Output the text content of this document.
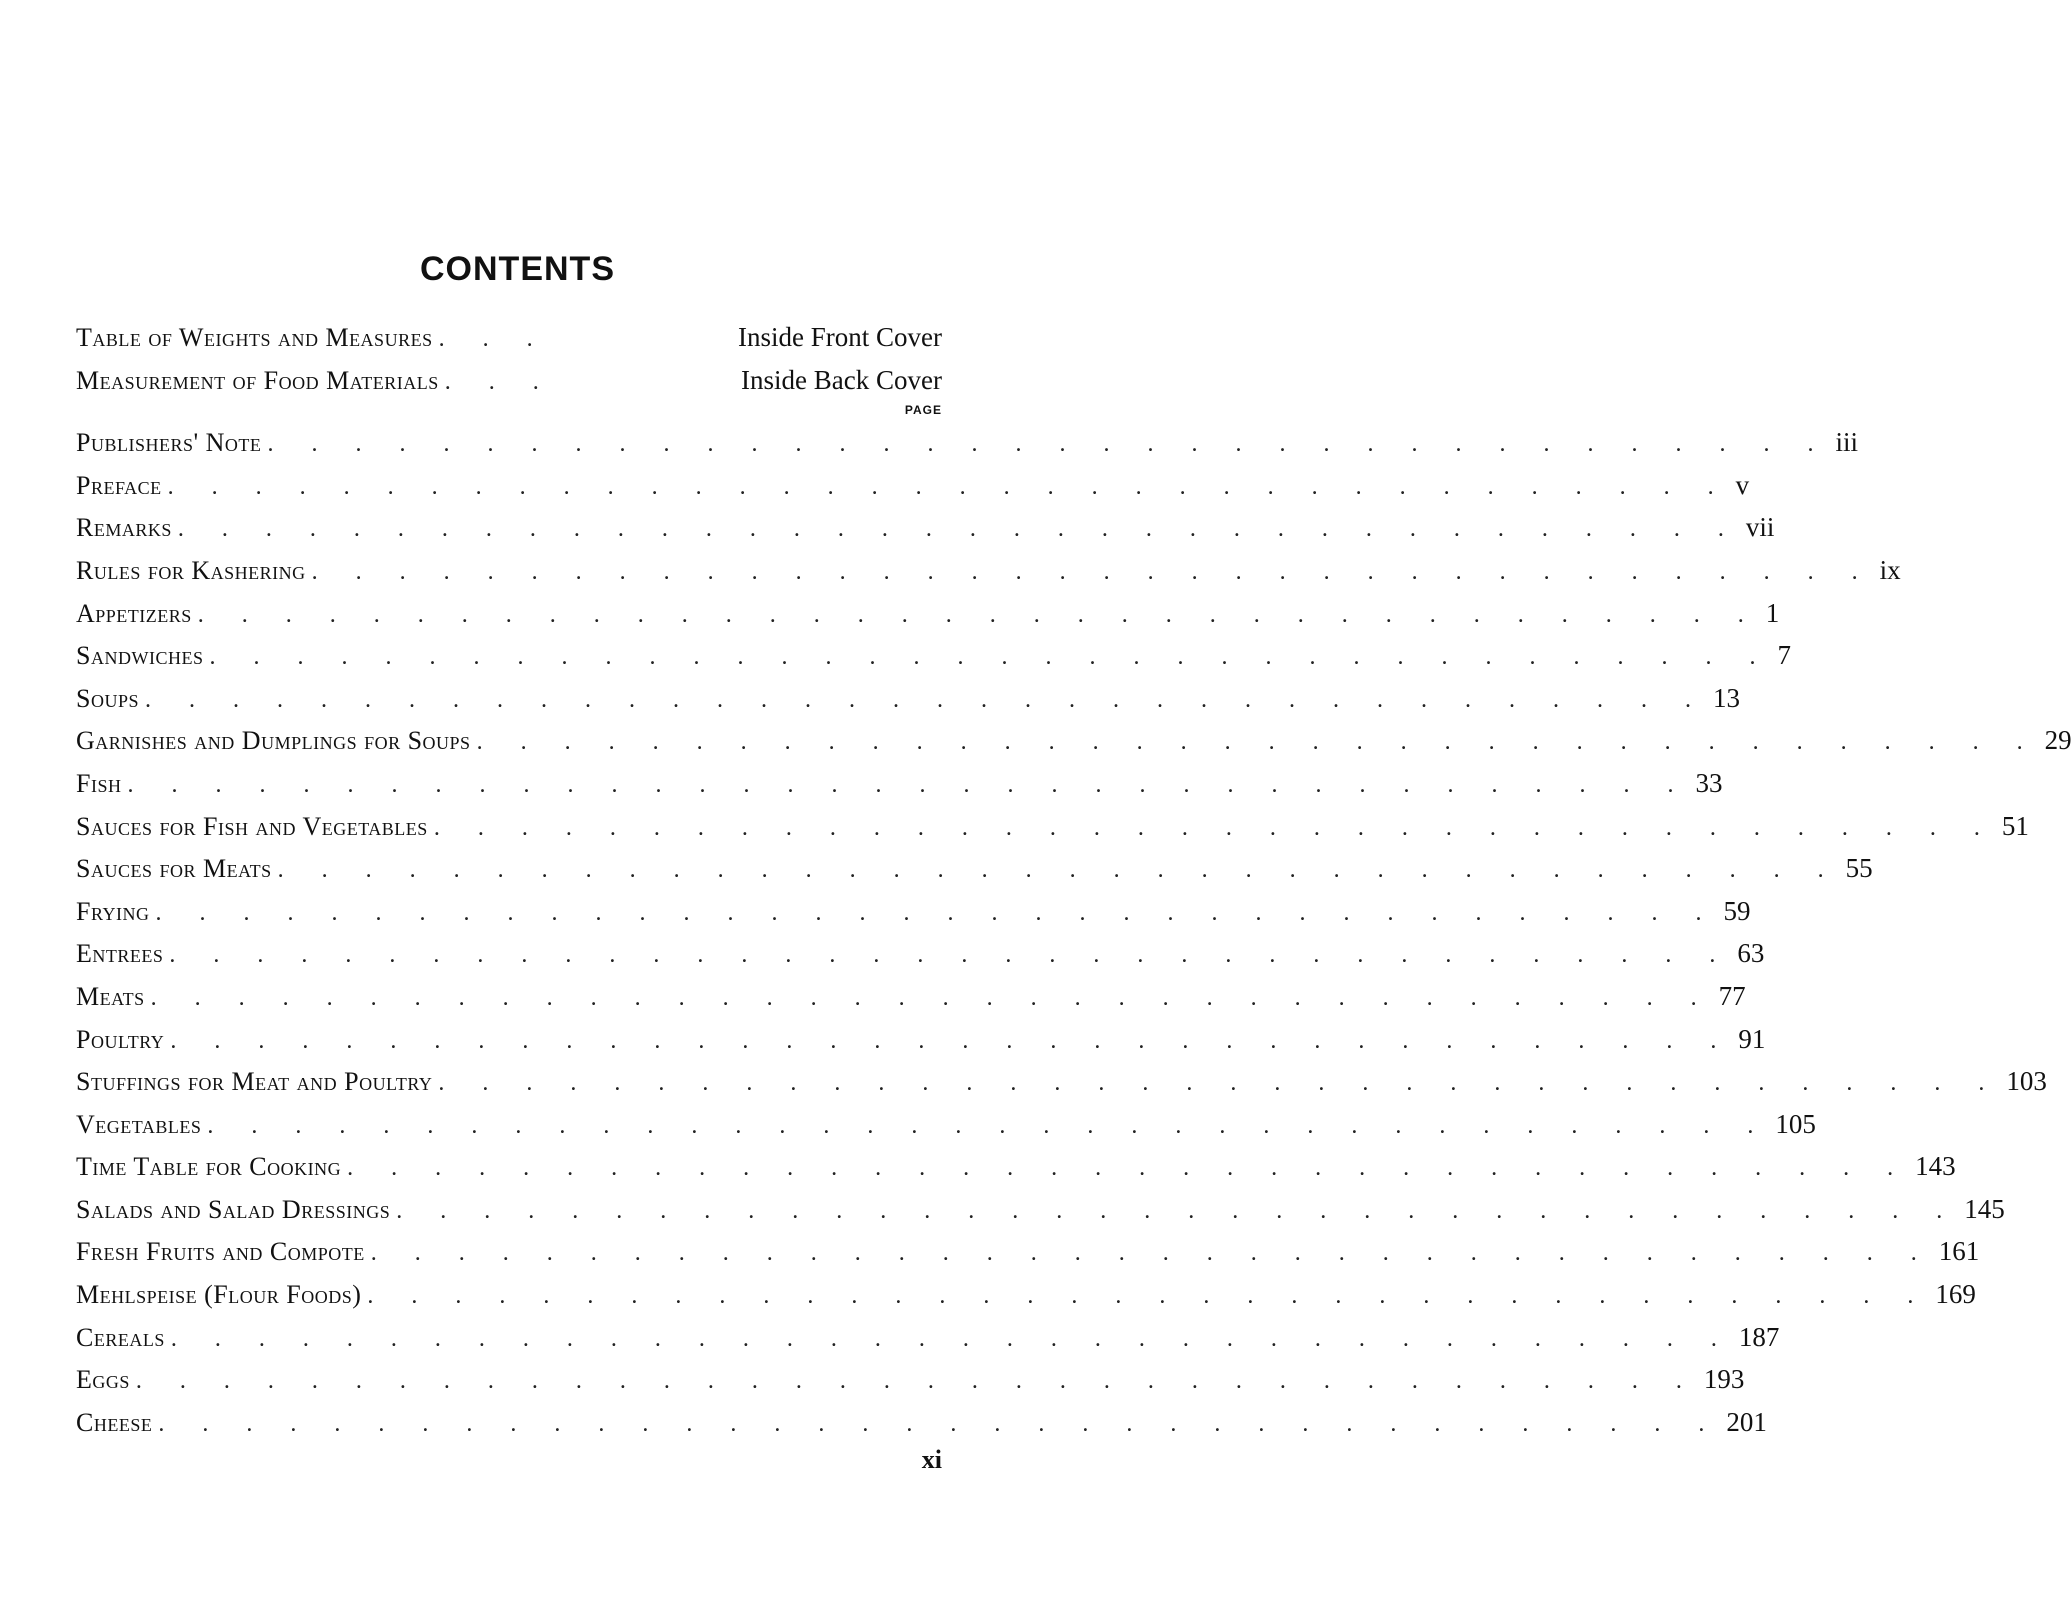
CONTENTS
Table of Weights and Measures . . .	Inside Front Cover
Measurement of Food Materials . . .	Inside Back Cover
PAGE
Publishers' Note . . . . . . . . . . . . . . . . . . . . . . . . . . . . . . . . . . . . iii
Preface . . . . . . . . . . . . . . . . . . . . . . . . . . . . . . . . . . . . v
Remarks . . . . . . . . . . . . . . . . . . . . . . . . . . . . . . . . . . . . vii
Rules for Kashering . . . . . . . . . . . . . . . . . . . . . . . . . . . . . . . . . . . . ix
Appetizers . . . . . . . . . . . . . . . . . . . . . . . . . . . . . . . . . . . . 1
Sandwiches . . . . . . . . . . . . . . . . . . . . . . . . . . . . . . . . . . . . 7
Soups . . . . . . . . . . . . . . . . . . . . . . . . . . . . . . . . . . . . 13
Garnishes and Dumplings for Soups . . . . . . . . . . . . . . . . . . . . . . . . . . . . . . . . . . . . 29
Fish . . . . . . . . . . . . . . . . . . . . . . . . . . . . . . . . . . . . 33
Sauces for Fish and Vegetables . . . . . . . . . . . . . . . . . . . . . . . . . . . . . . . . . . . . 51
Sauces for Meats . . . . . . . . . . . . . . . . . . . . . . . . . . . . . . . . . . . . 55
Frying . . . . . . . . . . . . . . . . . . . . . . . . . . . . . . . . . . . . 59
Entrees . . . . . . . . . . . . . . . . . . . . . . . . . . . . . . . . . . . . 63
Meats . . . . . . . . . . . . . . . . . . . . . . . . . . . . . . . . . . . . 77
Poultry . . . . . . . . . . . . . . . . . . . . . . . . . . . . . . . . . . . . 91
Stuffings for Meat and Poultry . . . . . . . . . . . . . . . . . . . . . . . . . . . . . . . . . . . . 103
Vegetables . . . . . . . . . . . . . . . . . . . . . . . . . . . . . . . . . . . . 105
Time Table for Cooking . . . . . . . . . . . . . . . . . . . . . . . . . . . . . . . . . . . . 143
Salads and Salad Dressings . . . . . . . . . . . . . . . . . . . . . . . . . . . . . . . . . . . . 145
Fresh Fruits and Compote . . . . . . . . . . . . . . . . . . . . . . . . . . . . . . . . . . . . 161
Mehlspeise (Flour Foods) . . . . . . . . . . . . . . . . . . . . . . . . . . . . . . . . . . . . 169
Cereals . . . . . . . . . . . . . . . . . . . . . . . . . . . . . . . . . . . . 187
Eggs . . . . . . . . . . . . . . . . . . . . . . . . . . . . . . . . . . . . 193
Cheese . . . . . . . . . . . . . . . . . . . . . . . . . . . . . . . . . . . . 201
xi
